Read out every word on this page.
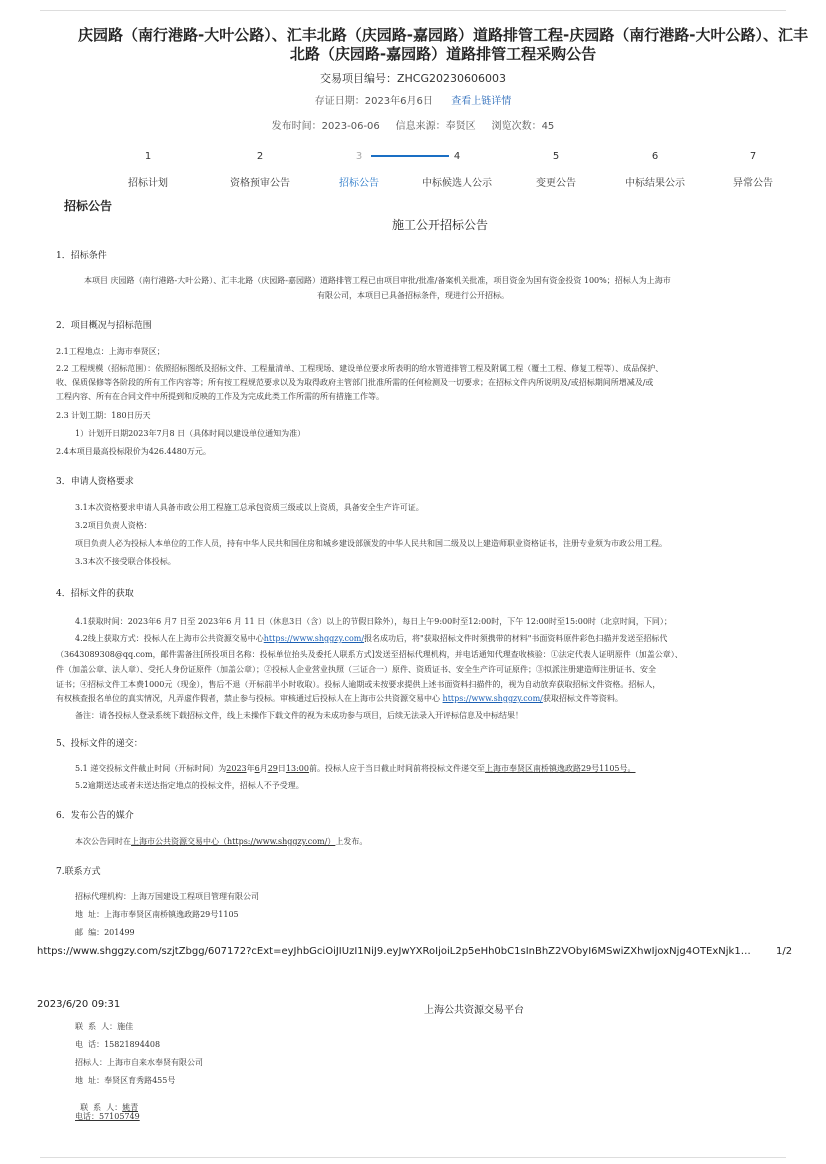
庆园路（南行港路-大叶公路）、汇丰北路（庆园路-嘉园路）道路排管工程-庆园路（南行港路-大叶公路）、汇丰
北路（庆园路-嘉园路）道路排管工程采购公告
交易项目编号：ZHCG20230606003
存证日期：2023年6月6日 查看上链详情
发布时间：2023-06-06     信息来源：奉贤区     浏览次数：45
1	2	3	4	5	6	7
招标计划	资格预审公告	招标公告	中标候选人公示	变更公告	中标结果公示	异常公告
招标公告
施工公开招标公告
1．招标条件
本项目 庆园路（南行港路-大叶公路）、汇丰北路（庆园路-嘉园路）道路排管工程已由项目审批/批准/备案机关批准，项目资金为国有资金投资 100%；招标人为上海市
有限公司，本项目已具备招标条件，现进行公开招标。
2．项目概况与招标范围
2.1工程地点：上海市奉贤区；
2.2 工程规模（招标范围）：依照招标图纸及招标文件、工程量清单、工程现场、建设单位要求所表明的给水管道排管工程及附属工程（覆土工程、修复工程等）、成品保护、
收、保质保修等各阶段的所有工作内容等；所有按工程规范要求以及为取得政府主管部门批准所需的任何检测及一切要求；在招标文件内所说明及/或招标期间所增减及/或
工程内容、所有在合同文件中所提到和反映的工作及为完成此类工作所需的所有措施工作等。
2.3 计划工期：180日历天
1）计划开日期2023年7月8 日（具体时间以建设单位通知为准）
2.4本项目最高投标限价为426.4480万元。
3．申请人资格要求
3.1本次资格要求申请人具备市政公用工程施工总承包资质三级或以上资质，具备安全生产许可证。
3.2项目负责人资格：
项目负责人必为投标人本单位的工作人员，持有中华人民共和国住房和城乡建设部颁发的中华人民共和国二级及以上建造师职业资格证书，注册专业须为市政公用工程。
3.3本次不接受联合体投标。
4．招标文件的获取
4.1获取时间：2023年6 月7 日至 2023年6 月 11 日（休息3日（含）以上的节假日除外），每日上午9:00时至12:00时，下午 12:00时至15:00时（北京时间，下同）；
4.2线上获取方式：投标人在上海市公共资源交易中心https://www.shggzy.com/报名成功后，将"获取招标文件时须携带的材料"书面资料原件彩色扫描并发送至招标代
（3643089308@qq.com，邮件需备注[所投项目名称：投标单位抬头及委托人联系方式]发送至招标代理机构，并电话通知代理查收核验：①法定代表人证明原件（加盖公章）、
件（加盖公章、法人章）、受托人身份证原件（加盖公章）；②投标人企业营业执照（三证合一）原件、资质证书、安全生产许可证原件；③拟派注册建造师注册证书、安全
证书；④招标文件工本费1000元（现金），售后不退（开标前半小时收取）。投标人逾期或未按要求提供上述书面资料扫描件的，视为自动放弃获取招标文件资格。招标人，
有权核查报名单位的真实情况，凡弄虚作假者，禁止参与投标。审核通过后投标人在上海市公共资源交易中心 https://www.shggzy.com/获取招标文件等资料。
备注：请各投标人登录系统下载招标文件，线上未操作下载文件的视为未成功参与项目，后续无法录入开评标信息及中标结果！
5、投标文件的递交：
5.1 递交投标文件截止时间（开标时间）为2023年6月29日13:00前。投标人应于当日截止时间前将投标文件递交至上海市奉贤区南桥镇逸政路29号1105号。
5.2逾期送达或者未送达指定地点的投标文件，招标人不予受理。
6．发布公告的媒介
本次公告同时在上海市公共资源交易中心（https://www.shggzy.com/）上发布。
7.联系方式
招标代理机构：上海万国建设工程项目管理有限公司
地  址：上海市奉贤区南桥镇逸政路29号1105
邮  编：201499
https://www.shggzy.com/szjtZbgg/607172?cExt=eyJhbGciOiJIUzI1NiJ9.eyJwYXRoIjoiL2p5eHh0bC1sInBhZ2VObyI6MSwiZXhwIjoxNjg4OTExNjk1…	1/2
2023/6/20 09:31
上海公共资源交易平台
联  系  人：施佳
电  话：15821894408
招标人：上海市自来水奉贤有限公司
地  址：奉贤区育秀路455号

联  系  人：姚青

电话：57105749
